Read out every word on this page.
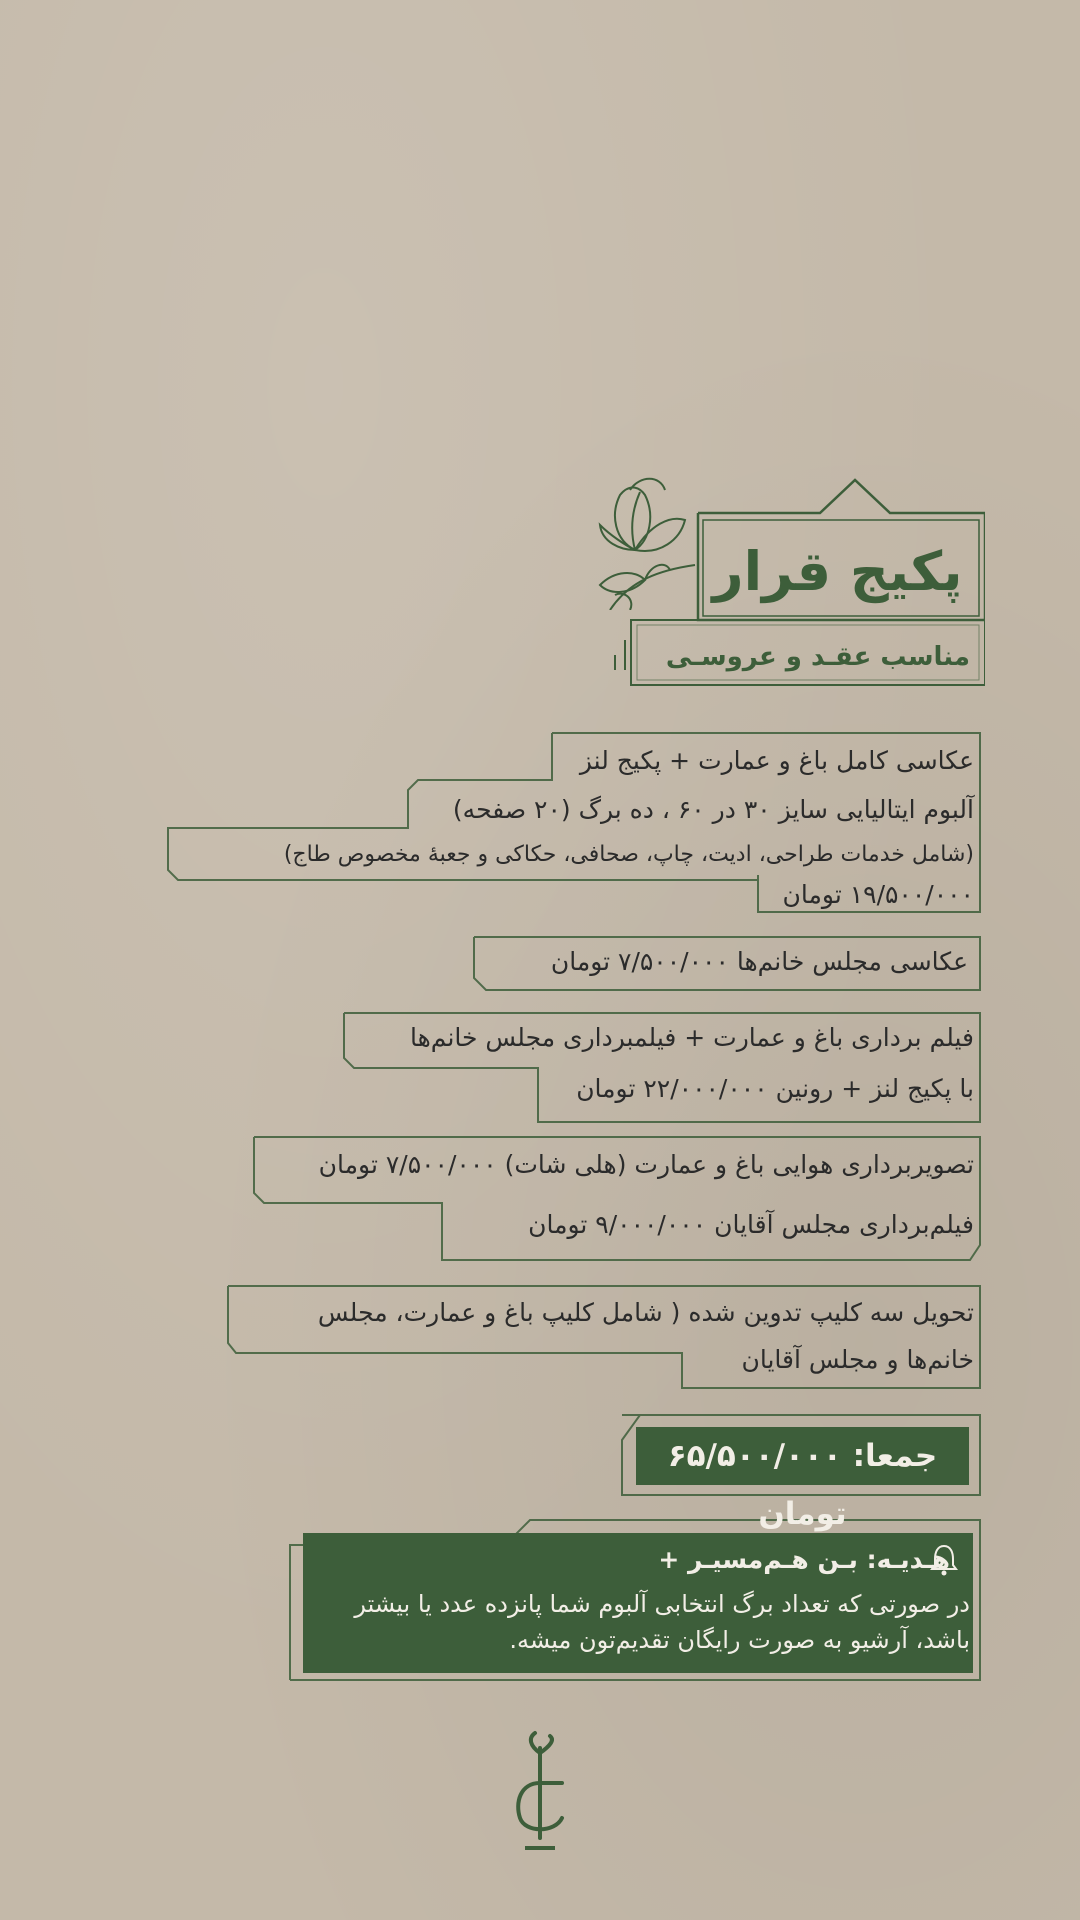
پکیج قرار
مناسب عقـد و عروسـی
عکاسی کامل باغ و عمارت + پکیج لنز
آلبوم ایتالیایی سایز ۳۰ در ۶۰ ، ده برگ (۲۰ صفحه)
(شامل خدمات طراحی، ادیت، چاپ، صحافی، حکاکی و جعبهٔ مخصوص طاج)
۱۹/۵۰۰/۰۰۰ تومان
عکاسی مجلس خانم‌ها ۷/۵۰۰/۰۰۰ تومان
فیلم برداری باغ و عمارت + فیلمبرداری مجلس خانم‌ها
با پکیج لنز + رونین ۲۲/۰۰۰/۰۰۰ تومان
تصویربرداری هوایی باغ و عمارت (هلی شات) ۷/۵۰۰/۰۰۰ تومان
فیلم‌برداری مجلس آقایان ۹/۰۰۰/۰۰۰ تومان
تحویل سه کلیپ تدوین شده ( شامل کلیپ باغ و عمارت، مجلس
خانم‌ها و مجلس آقایان
جمعا: ۶۵/۵۰۰/۰۰۰ تومان
هـدیـه: بـن هـم‌مسیـر +
در صورتی که تعداد برگ انتخابی آلبوم شما پانزده عدد یا بیشتر باشد، آرشیو به صورت رایگان تقدیم‌تون میشه.
